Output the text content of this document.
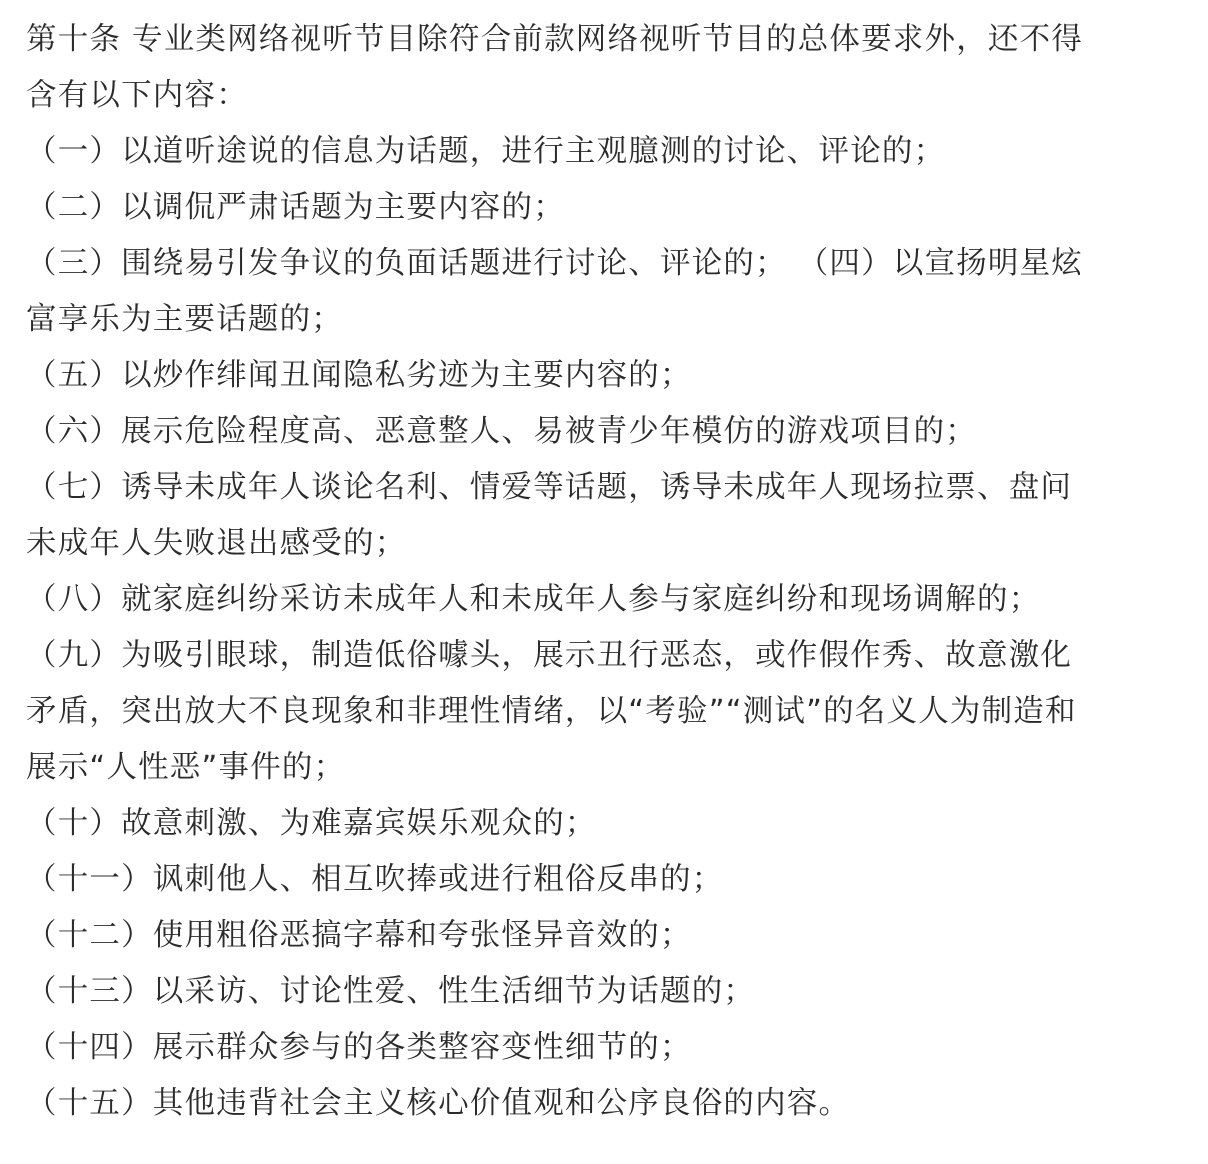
第十条 专业类网络视听节目除符合前款网络视听节目的总体要求外，还不得

含有以下内容：

（一）以道听途说的信息为话题，进行主观臆测的讨论、评论的；

（二）以调侃严肃话题为主要内容的；

（三）围绕易引发争议的负面话题进行讨论、评论的； （四）以宣扬明星炫

富享乐为主要话题的；

（五）以炒作绯闻丑闻隐私劣迹为主要内容的；

（六）展示危险程度高、恶意整人、易被青少年模仿的游戏项目的；

（七）诱导未成年人谈论名利、情爱等话题，诱导未成年人现场拉票、盘问

未成年人失败退出感受的；

（八）就家庭纠纷采访未成年人和未成年人参与家庭纠纷和现场调解的；

（九）为吸引眼球，制造低俗噱头，展示丑行恶态，或作假作秀、故意激化

矛盾，突出放大不良现象和非理性情绪，以“考验”“测试”的名义人为制造和

展示“人性恶”事件的；

（十）故意刺激、为难嘉宾娱乐观众的；

（十一）讽刺他人、相互吹捧或进行粗俗反串的；

（十二）使用粗俗恶搞字幕和夸张怪异音效的；

（十三）以采访、讨论性爱、性生活细节为话题的；

（十四）展示群众参与的各类整容变性细节的；

（十五）其他违背社会主义核心价值观和公序良俗的内容。
